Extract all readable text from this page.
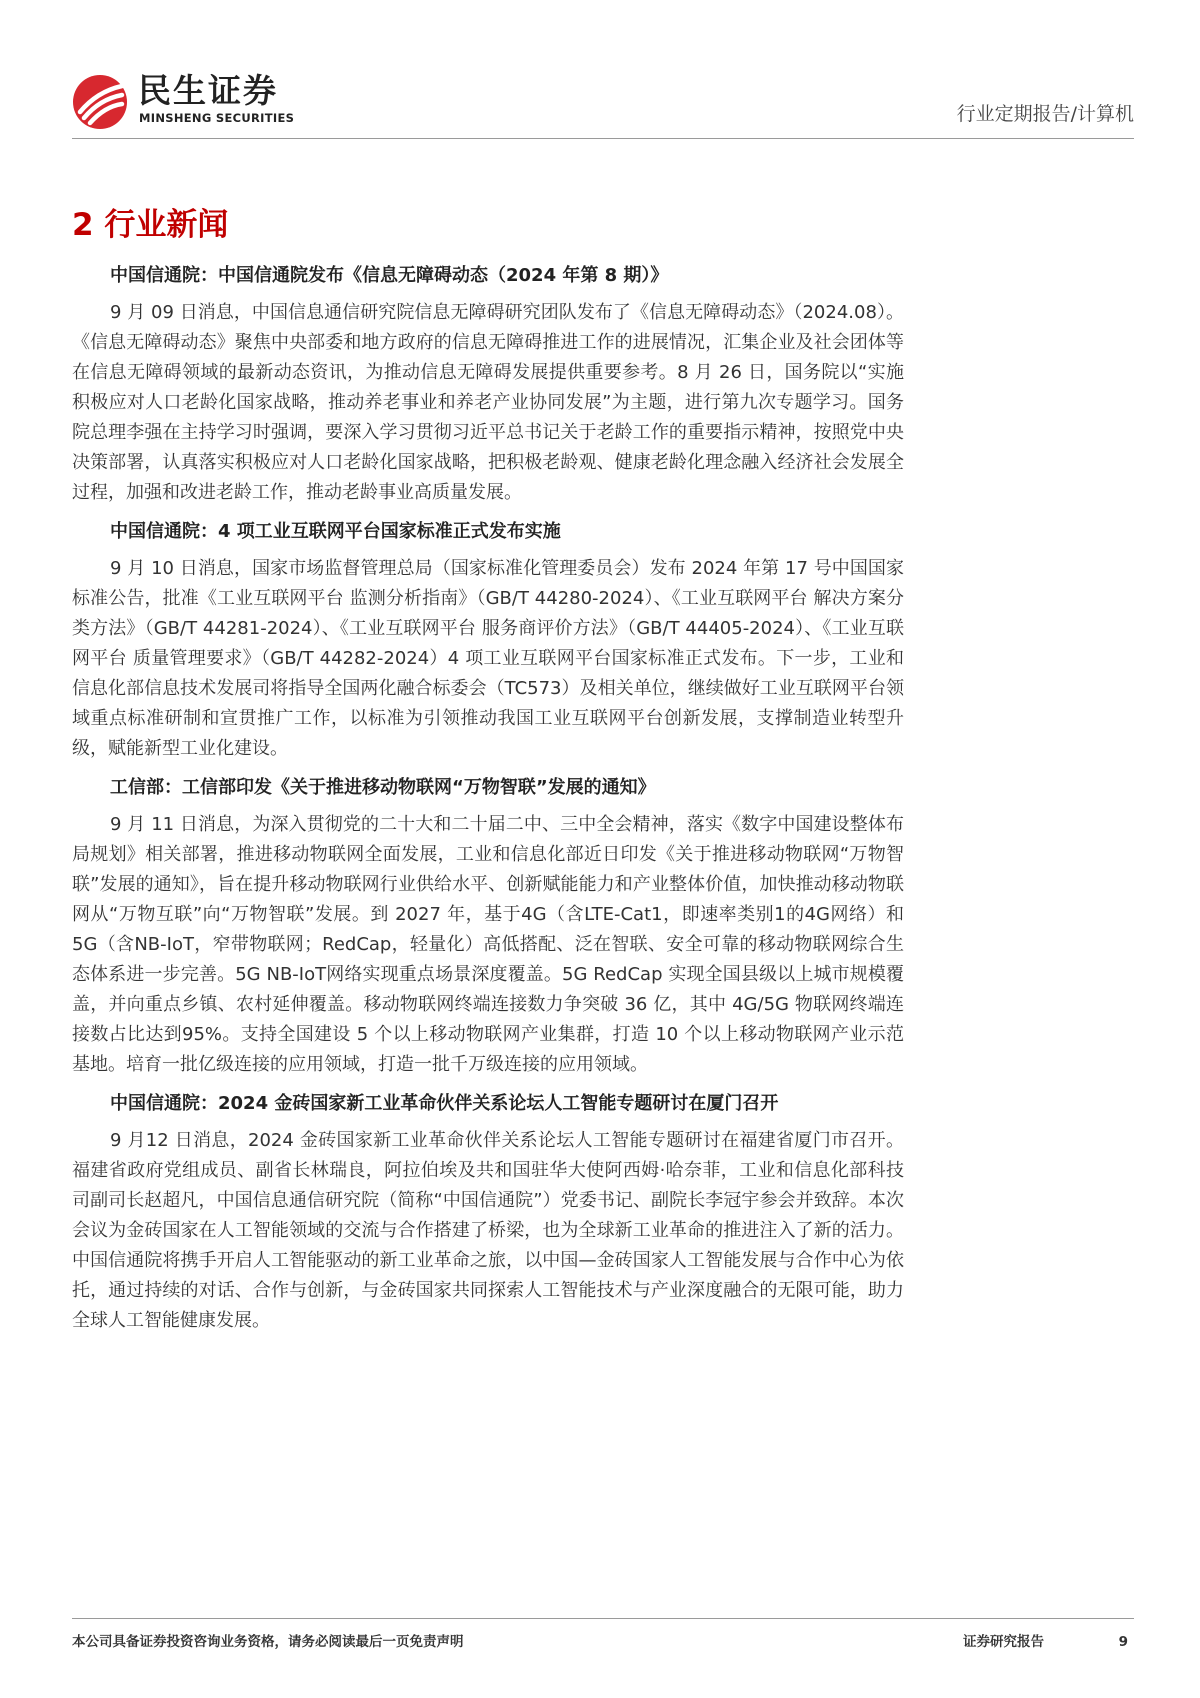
民生证券
MINSHENG SECURITIES	行业定期报告/计算机
2 行业新闻

中国信通院：中国信通院发布《信息无障碍动态（2024 年第 8 期）》

9 月 09 日消息，中国信息通信研究院信息无障碍研究团队发布了《信息无障碍动态》（2024.08）。《信息无障碍动态》聚焦中央部委和地方政府的信息无障碍推进工作的进展情况，汇集企业及社会团体等在信息无障碍领域的最新动态资讯，为推动信息无障碍发展提供重要参考。8 月 26 日，国务院以“实施积极应对人口老龄化国家战略，推动养老事业和养老产业协同发展”为主题，进行第九次专题学习。国务院总理李强在主持学习时强调，要深入学习贯彻习近平总书记关于老龄工作的重要指示精神，按照党中央决策部署，认真落实积极应对人口老龄化国家战略，把积极老龄观、健康老龄化理念融入经济社会发展全过程，加强和改进老龄工作，推动老龄事业高质量发展。

中国信通院：4 项工业互联网平台国家标准正式发布实施

9 月 10 日消息，国家市场监督管理总局（国家标准化管理委员会）发布 2024 年第 17 号中国国家标准公告，批准《工业互联网平台 监测分析指南》（GB/T 44280-2024）、《工业互联网平台 解决方案分类方法》（GB/T 44281-2024）、《工业互联网平台 服务商评价方法》（GB/T 44405-2024）、《工业互联网平台 质量管理要求》（GB/T 44282-2024）4 项工业互联网平台国家标准正式发布。下一步，工业和信息化部信息技术发展司将指导全国两化融合标委会（TC573）及相关单位，继续做好工业互联网平台领域重点标准研制和宣贯推广工作，以标准为引领推动我国工业互联网平台创新发展，支撑制造业转型升级，赋能新型工业化建设。

工信部：工信部印发《关于推进移动物联网“万物智联”发展的通知》

9 月 11 日消息，为深入贯彻党的二十大和二十届二中、三中全会精神，落实《数字中国建设整体布局规划》相关部署，推进移动物联网全面发展，工业和信息化部近日印发《关于推进移动物联网“万物智联”发展的通知》，旨在提升移动物联网行业供给水平、创新赋能能力和产业整体价值，加快推动移动物联网从“万物互联”向“万物智联”发展。到 2027 年，基于4G（含LTE-Cat1，即速率类别1的4G网络）和5G（含NB-IoT，窄带物联网；RedCap，轻量化）高低搭配、泛在智联、安全可靠的移动物联网综合生态体系进一步完善。5G NB-IoT网络实现重点场景深度覆盖。5G RedCap 实现全国县级以上城市规模覆盖，并向重点乡镇、农村延伸覆盖。移动物联网终端连接数力争突破 36 亿，其中 4G/5G 物联网终端连接数占比达到95%。支持全国建设 5 个以上移动物联网产业集群，打造 10 个以上移动物联网产业示范基地。培育一批亿级连接的应用领域，打造一批千万级连接的应用领域。

中国信通院：2024 金砖国家新工业革命伙伴关系论坛人工智能专题研讨在厦门召开

9 月12 日消息，2024 金砖国家新工业革命伙伴关系论坛人工智能专题研讨在福建省厦门市召开。福建省政府党组成员、副省长林瑞良，阿拉伯埃及共和国驻华大使阿西姆·哈奈菲，工业和信息化部科技司副司长赵超凡，中国信息通信研究院（简称“中国信通院”）党委书记、副院长李冠宇参会并致辞。本次会议为金砖国家在人工智能领域的交流与合作搭建了桥梁，也为全球新工业革命的推进注入了新的活力。中国信通院将携手开启人工智能驱动的新工业革命之旅，以中国—金砖国家人工智能发展与合作中心为依托，通过持续的对话、合作与创新，与金砖国家共同探索人工智能技术与产业深度融合的无限可能，助力全球人工智能健康发展。

本公司具备证券投资咨询业务资格，请务必阅读最后一页免责声明	证券研究报告	9
